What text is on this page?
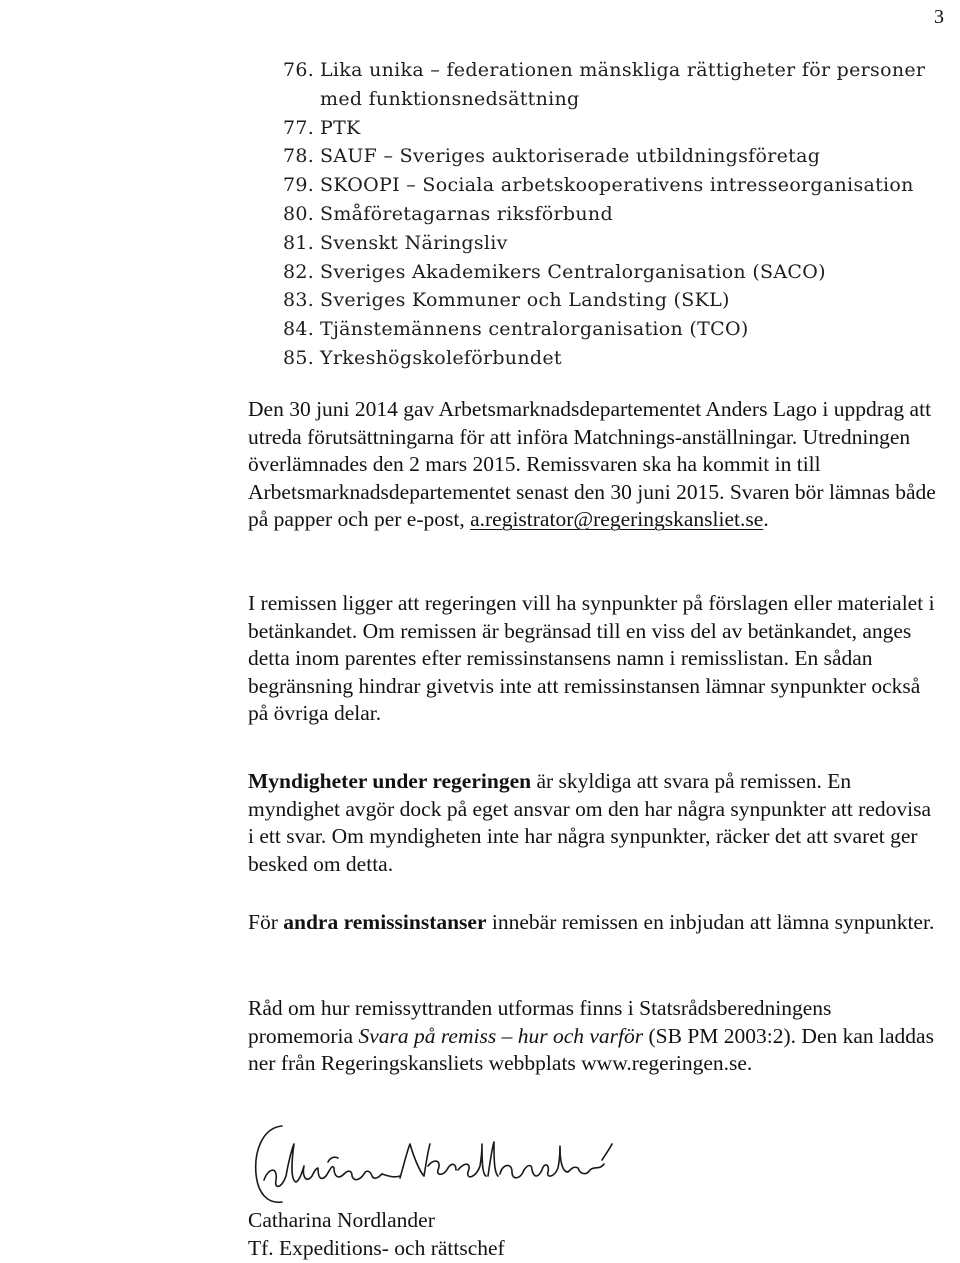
3
76. Lika unika – federationen mänskliga rättigheter för personer med funktionsnedsättning
77. PTK
78. SAUF – Sveriges auktoriserade utbildningsföretag
79. SKOOPI – Sociala arbetskooperativens intresseorganisation
80. Småföretagarnas riksförbund
81. Svenskt Näringsliv
82. Sveriges Akademikers Centralorganisation (SACO)
83. Sveriges Kommuner och Landsting (SKL)
84. Tjänstemännens centralorganisation (TCO)
85. Yrkeshögskoleförbundet

Den 30 juni 2014 gav Arbetsmarknadsdepartementet Anders Lago i uppdrag att utreda förutsättningarna för att införa Matchnings-anställningar. Utredningen överlämnades den 2 mars 2015. Remissvaren ska ha kommit in till Arbetsmarknadsdepartementet senast den 30 juni 2015. Svaren bör lämnas både på papper och per e-post, a.registrator@regeringskansliet.se.

I remissen ligger att regeringen vill ha synpunkter på förslagen eller materialet i betänkandet. Om remissen är begränsad till en viss del av betänkandet, anges detta inom parentes efter remissinstansens namn i remisslistan. En sådan begränsning hindrar givetvis inte att remissinstansen lämnar synpunkter också på övriga delar.

Myndigheter under regeringen är skyldiga att svara på remissen. En myndighet avgör dock på eget ansvar om den har några synpunkter att redovisa i ett svar. Om myndigheten inte har några synpunkter, räcker det att svaret ger besked om detta.

För andra remissinstanser innebär remissen en inbjudan att lämna synpunkter.

Råd om hur remissyttranden utformas finns i Statsrådsberedningens promemoria Svara på remiss – hur och varför (SB PM 2003:2). Den kan laddas ner från Regeringskansliets webbplats www.regeringen.se.

Catharina Nordlander
Tf. Expeditions- och rättschef
